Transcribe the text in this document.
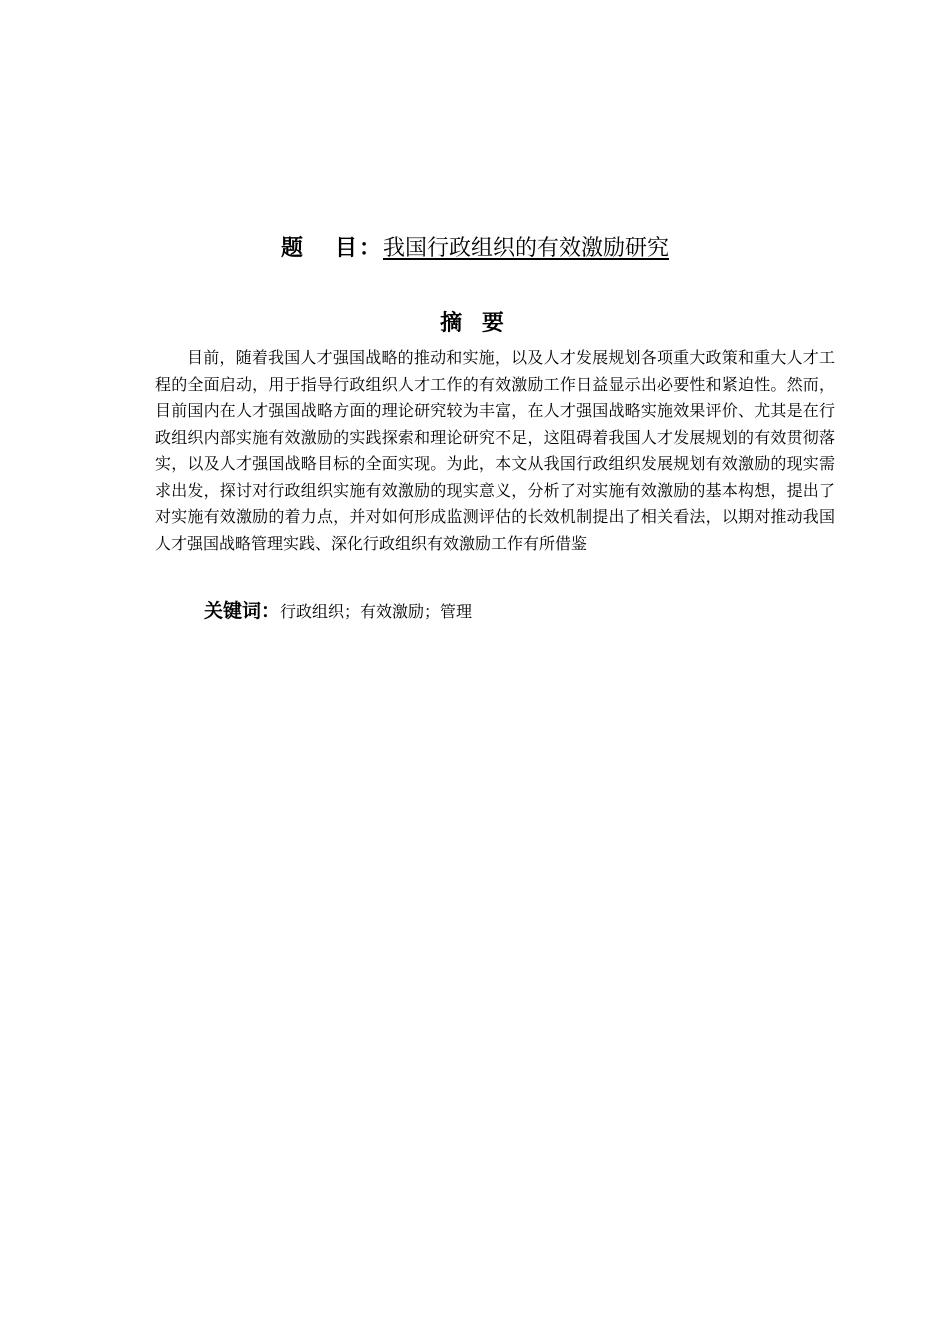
题 目：我国行政组织的有效激励研究
摘 要

目前，随着我国人才强国战略的推动和实施，以及人才发展规划各项重大政策和重大人才工程的全面启动，用于指导行政组织人才工作的有效激励工作日益显示出必要性和紧迫性。然而，目前国内在人才强国战略方面的理论研究较为丰富，在人才强国战略实施效果评价、尤其是在行政组织内部实施有效激励的实践探索和理论研究不足，这阻碍着我国人才发展规划的有效贯彻落实，以及人才强国战略目标的全面实现。为此，本文从我国行政组织发展规划有效激励的现实需求出发，探讨对行政组织实施有效激励的现实意义，分析了对实施有效激励的基本构想，提出了对实施有效激励的着力点，并对如何形成监测评估的长效机制提出了相关看法，以期对推动我国人才强国战略管理实践、深化行政组织有效激励工作有所借鉴

关键词：行政组织；有效激励；管理
